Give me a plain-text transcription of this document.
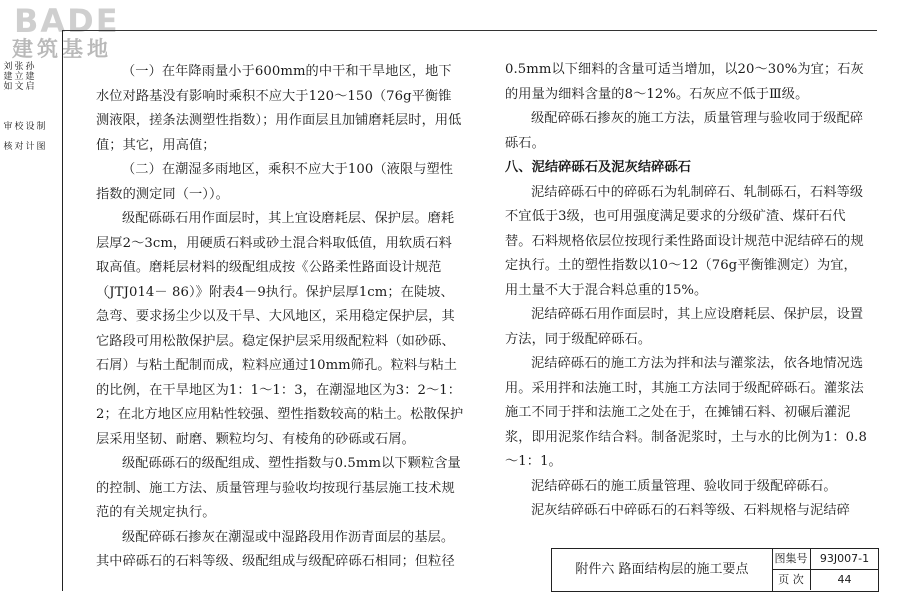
BADE
建筑基地
审
核
刘建如
校
对
张立文
设
计
孙建启
制
图

（一）在年降雨量小于600mm的中干和干旱地区，地下水位对路基没有影响时乘积不应大于120～150（76g平衡锥测液限，搓条法测塑性指数）；用作面层且加铺磨耗层时，用低值；其它，用高值；

（二）在潮湿多雨地区，乘积不应大于100（液限与塑性指数的测定同（一））。

级配砾砾石用作面层时，其上宜设磨耗层、保护层。磨耗层厚2～3cm，用硬质石料或砂土混合料取低值，用软质石料取高值。磨耗层材料的级配组成按《公路柔性路面设计规范（JTJ014－ 86）》附表4－9执行。保护层厚1cm；在陡坡、急弯、要求扬尘少以及干旱、大风地区，采用稳定保护层，其它路段可用松散保护层。稳定保护层采用级配粒料（如砂砾、石屑）与粘土配制而成，粒料应通过10mm筛孔。粒料与粘土的比例，在干旱地区为1：1～1：3，在潮湿地区为3：2～1：2；在北方地区应用粘性较强、塑性指数较高的粘土。松散保护层采用坚韧、耐磨、颗粒均匀、有棱角的砂砾或石屑。

级配砾砾石的级配组成、塑性指数与0.5mm以下颗粒含量的控制、施工方法、质量管理与验收均按现行基层施工技术规范的有关规定执行。

级配碎砾石掺灰在潮湿或中湿路段用作沥青面层的基层。其中碎砾石的石料等级、级配组成与级配碎砾石相同；但粒径

0.5mm以下细料的含量可适当增加，以20～30%为宜；石灰的用量为细料含量的8～12%。石灰应不低于Ⅲ级。

级配碎砾石掺灰的施工方法，质量管理与验收同于级配碎砾石。

八、泥结碎砾石及泥灰结碎砾石

泥结碎砾石中的碎砾石为轧制碎石、轧制砾石，石料等级不宜低于3级，也可用强度满足要求的分级矿渣、煤矸石代替。石料规格依层位按现行柔性路面设计规范中泥结碎石的规定执行。土的塑性指数以10～12（76g平衡锥测定）为宜，用土量不大于混合料总重的15%。

泥结碎砾石用作面层时，其上应设磨耗层、保护层，设置方法，同于级配碎砾石。

泥结碎砾石的施工方法为拌和法与灌浆法，依各地情况选用。采用拌和法施工时，其施工方法同于级配碎砾石。灌浆法施工不同于拌和法施工之处在于，在摊铺石料、初碾后灌泥浆，即用泥浆作结合料。制备泥浆时，土与水的比例为1：0.8～1：1。

泥结碎砾石的施工质量管理、验收同于级配碎砾石。

泥灰结碎砾石中碎砾石的石料等级、石料规格与泥结碎

附件六 路面结构层的施工要点
图集号	93J007-1
页 次	44
